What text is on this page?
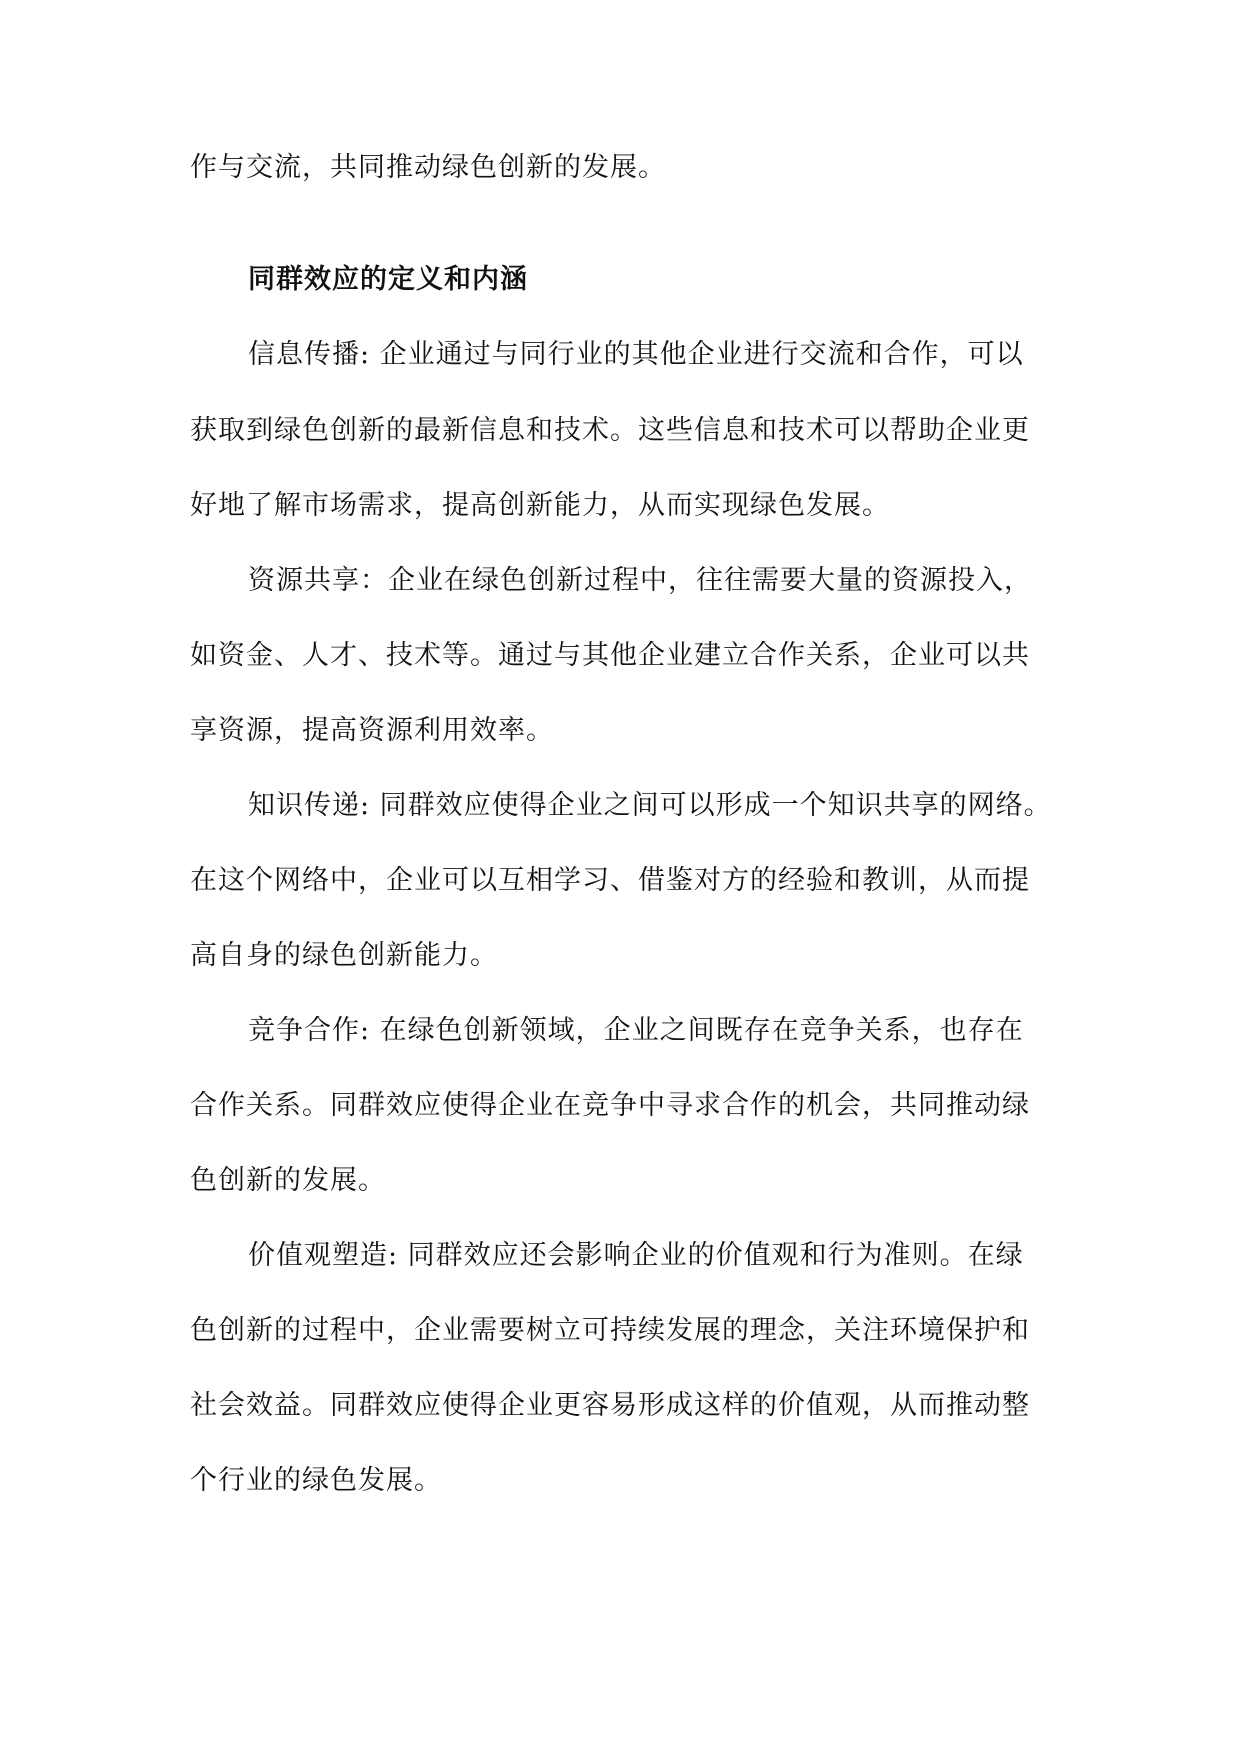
作与交流，共同推动绿色创新的发展。
同群效应的定义和内涵
信息传播: 企业通过与同行业的其他企业进行交流和合作，可以
获取到绿色创新的最新信息和技术。这些信息和技术可以帮助企业更
好地了解市场需求，提高创新能力，从而实现绿色发展。
资源共享：企业在绿色创新过程中，往往需要大量的资源投入，
如资金、人才、技术等。通过与其他企业建立合作关系，企业可以共
享资源，提高资源利用效率。
知识传递: 同群效应使得企业之间可以形成一个知识共享的网络。
在这个网络中，企业可以互相学习、借鉴对方的经验和教训，从而提
高自身的绿色创新能力。
竞争合作: 在绿色创新领域，企业之间既存在竞争关系，也存在
合作关系。同群效应使得企业在竞争中寻求合作的机会，共同推动绿
色创新的发展。
价值观塑造: 同群效应还会影响企业的价值观和行为准则。在绿
色创新的过程中，企业需要树立可持续发展的理念，关注环境保护和
社会效益。同群效应使得企业更容易形成这样的价值观，从而推动整
个行业的绿色发展。
